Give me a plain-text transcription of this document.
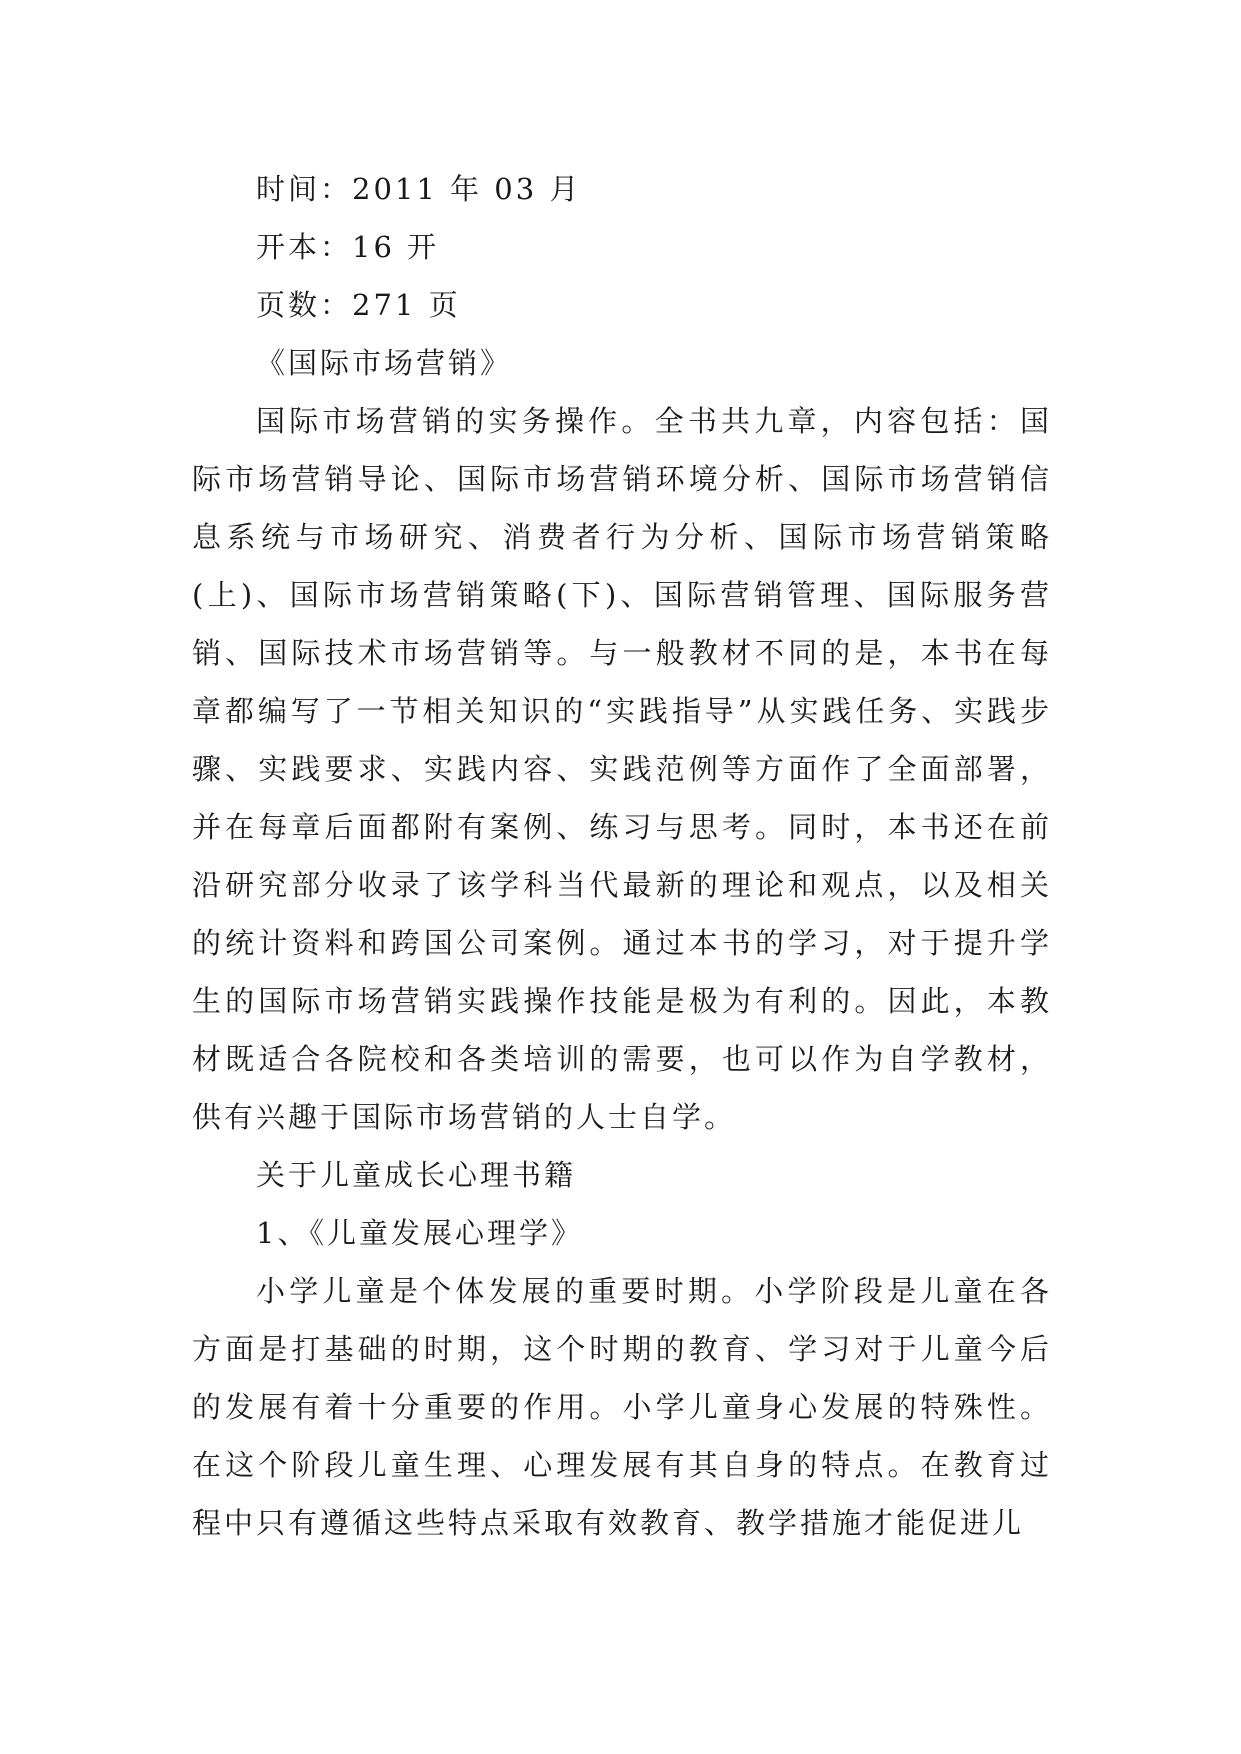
时间：2011 年 03 月

开本：16 开

页数：271 页

《国际市场营销》

国际市场营销的实务操作。全书共九章，内容包括：国际市场营销导论、国际市场营销环境分析、国际市场营销信息系统与市场研究、消费者行为分析、国际市场营销策略(上)、国际市场营销策略(下)、国际营销管理、国际服务营销、国际技术市场营销等。与一般教材不同的是，本书在每章都编写了一节相关知识的“实践指导”从实践任务、实践步骤、实践要求、实践内容、实践范例等方面作了全面部署，并在每章后面都附有案例、练习与思考。同时，本书还在前沿研究部分收录了该学科当代最新的理论和观点，以及相关的统计资料和跨国公司案例。通过本书的学习，对于提升学生的国际市场营销实践操作技能是极为有利的。因此，本教材既适合各院校和各类培训的需要，也可以作为自学教材，供有兴趣于国际市场营销的人士自学。

关于儿童成长心理书籍

1、《儿童发展心理学》

小学儿童是个体发展的重要时期。小学阶段是儿童在各方面是打基础的时期，这个时期的教育、学习对于儿童今后的发展有着十分重要的作用。小学儿童身心发展的特殊性。在这个阶段儿童生理、心理发展有其自身的特点。在教育过程中只有遵循这些特点采取有效教育、教学措施才能促进儿
